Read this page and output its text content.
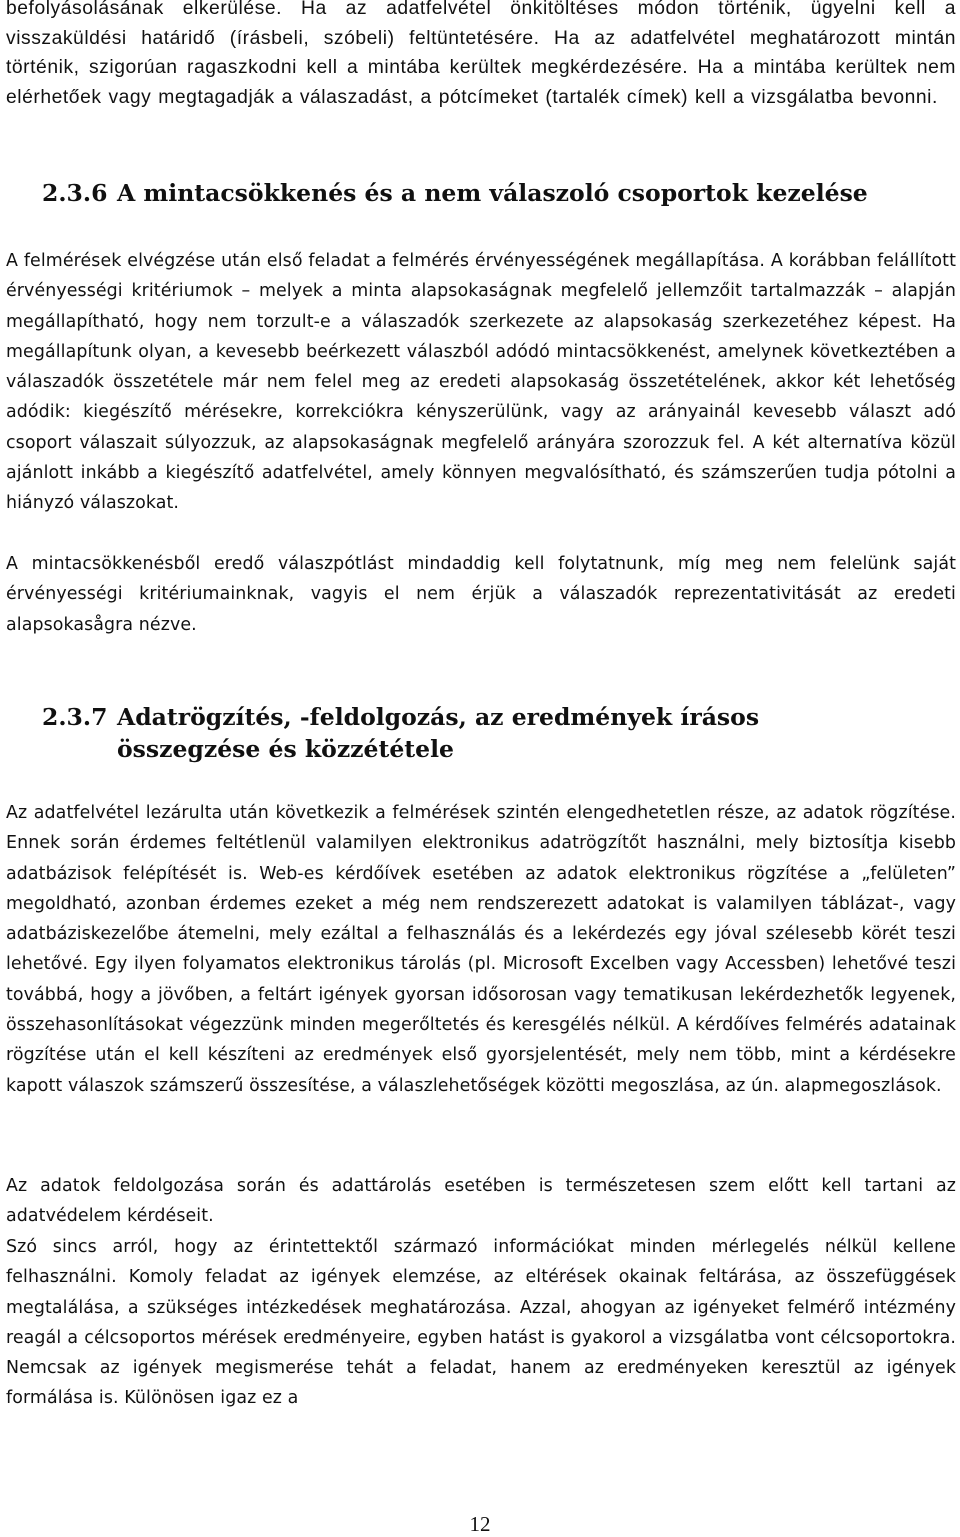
befolyásolásának elkerülése. Ha az adatfelvétel önkitöltéses módon történik, ügyelni kell a visszaküldési határidő (írásbeli, szóbeli) feltüntetésére. Ha az adatfelvétel meghatározott mintán történik, szigorúan ragaszkodni kell a mintába kerültek megkérdezésére. Ha a mintába kerültek nem elérhetőek vagy megtagadják a válaszadást, a pótcímeket (tartalék címek) kell a vizsgálatba bevonni.

2.3.6 A mintacsökkenés és a nem válaszoló csoportok kezelése

A felmérések elvégzése után első feladat a felmérés érvényességének megállapítása. A korábban felállított érvényességi kritériumok – melyek a minta alapsokaságnak megfelelő jellemzőit tartalmazzák – alapján megállapítható, hogy nem torzult-e a válaszadók szerkezete az alapsokaság szerkezetéhez képest. Ha megállapítunk olyan, a kevesebb beérkezett válaszból adódó mintacsökkenést, amelynek következtében a válaszadók összetétele már nem felel meg az eredeti alapsokaság összetételének, akkor két lehetőség adódik: kiegészítő mérésekre, korrekciókra kényszerülünk, vagy az arányainál kevesebb választ adó csoport válaszait súlyozzuk, az alapsokaságnak megfelelő arányára szorozzuk fel. A két alternatíva közül ajánlott inkább a kiegészítő adatfelvétel, amely könnyen megvalósítható, és számszerűen tudja pótolni a hiányzó válaszokat.

A mintacsökkenésből eredő válaszpótlást mindaddig kell folytatnunk, míg meg nem felelünk saját érvényességi kritériumainknak, vagyis el nem érjük a válaszadók reprezentativitását az eredeti alapsokasågra nézve.

2.3.7 Adatrögzítés, -feldolgozás, az eredmények írásos összegzése és közzététele

Az adatfelvétel lezárulta után következik a felmérések szintén elengedhetetlen része, az adatok rögzítése. Ennek során érdemes feltétlenül valamilyen elektronikus adatrögzítőt használni, mely biztosítja kisebb adatbázisok felépítését is. Web-es kérdőívek esetében az adatok elektronikus rögzítése a „felületen” megoldható, azonban érdemes ezeket a még nem rendszerezett adatokat is valamilyen táblázat-, vagy adatbáziskezelőbe átemelni, mely ezáltal a felhasználás és a lekérdezés egy jóval szélesebb körét teszi lehetővé. Egy ilyen folyamatos elektronikus tárolás (pl. Microsoft Excelben vagy Accessben) lehetővé teszi továbbá, hogy a jövőben, a feltárt igények gyorsan idősorosan vagy tematikusan lekérdezhetők legyenek, összehasonlításokat végezzünk minden megerőltetés és keresgélés nélkül. A kérdőíves felmérés adatainak rögzítése után el kell készíteni az eredmények első gyorsjelentését, mely nem több, mint a kérdésekre kapott válaszok számszerű összesítése, a válaszlehetőségek közötti megoszlása, az ún. alapmegoszlások.

Az adatok feldolgozása során és adattárolás esetében is természetesen szem előtt kell tartani az adatvédelem kérdéseit.

Szó sincs arról, hogy az érintettektől származó információkat minden mérlegelés nélkül kellene felhasználni. Komoly feladat az igények elemzése, az eltérések okainak feltárása, az összefüggések megtalálása, a szükséges intézkedések meghatározása. Azzal, ahogyan az igényeket felmérő intézmény reagál a célcsoportos mérések eredményeire, egyben hatást is gyakorol a vizsgálatba vont célcsoportokra. Nemcsak az igények megismerése tehát a feladat, hanem az eredményeken keresztül az igények formálása is. Különösen igaz ez a

12
